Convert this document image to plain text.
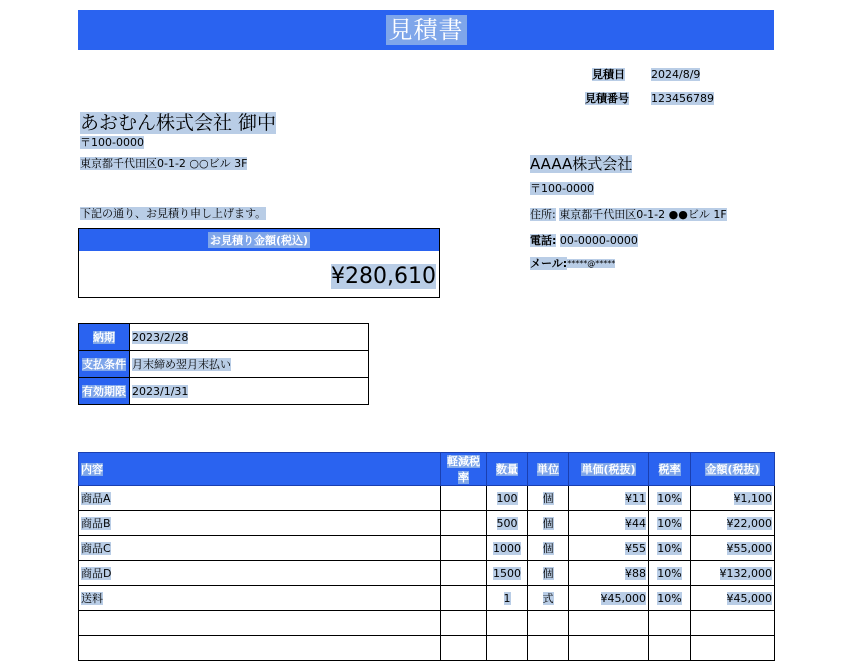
見積書
見積日 2024/8/9
見積番号 123456789
あおむん株式会社 御中
〒100-0000
東京都千代田区0-1-2 ○○ビル 3F
下記の通り、お見積り申し上げます。
お見積り金額(税込)
¥280,610
AAAA株式会社
〒100-0000
住所: 東京都千代田区0-1-2 ●●ビル 1F
電話: 00-0000-0000
メール:*****@*****
納期	2023/2/28
支払条件	月末締め翌月末払い
有効期限	2023/1/31
内容	軽減税率	数量	単位	単価(税抜)	税率	金額(税抜)
商品A		100	個	¥11	10%	¥1,100
商品B		500	個	¥44	10%	¥22,000
商品C		1000	個	¥55	10%	¥55,000
商品D		1500	個	¥88	10%	¥132,000
送料		1	式	¥45,000	10%	¥45,000
